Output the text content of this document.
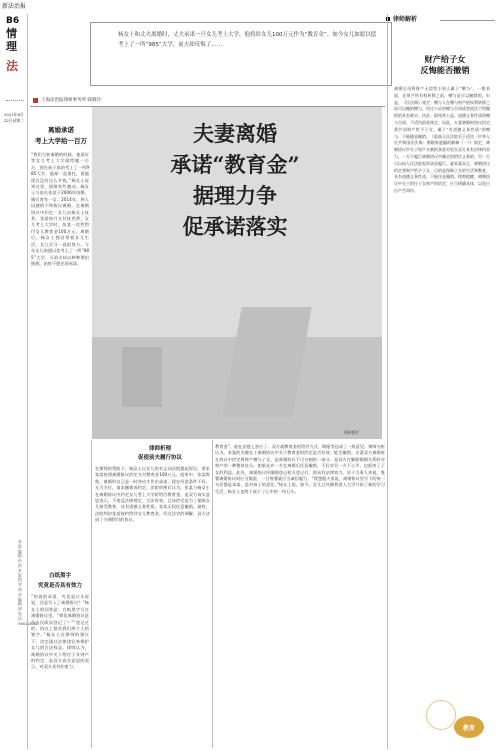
新法治报
B6
情理
法
2021年6月22日星期二
本版编辑：孙冉 本版校对：胡冰 编辑部电话：56612890
杨女士和丈夫离婚时，丈夫承诺一旦女儿考上大学，他将给女儿100万元作为“教育金”。如今女儿如愿以偿考上了一所“985”大学，前夫却反悔了……
律师解析
财产给子女
反悔能否撤销
离婚后再将财产无偿给予别人属于“赠与”，一般来说，在财产所有权转移之前，赠与是可以撤销的。但是，《民法典》规定：赠与人在赠与财产的权利转移之前可以撤销赠与。经过公证的赠与合同或者依法不得撤销的具有救灾、扶贫、助残等公益、道德义务性质的赠与合同，不适用前款规定。因此，夫妻离婚时协议约定将共同财产给予子女，属于“有道德义务性质”的赠与，不能随意撤销。《最高人民法院关于适用〈中华人民共和国民法典〉婚姻家庭编的解释（一）》规定，离婚协议中关于财产分割的条款对男女双方具有法律约束力。一方不履行离婚协议中确定的给付义务的，另一方可以向人民法院起诉请求履行。就本案而言，离婚协议约定将财产给予子女，目的是保障子女的生活和教育，具有道德义务性质，不能任意撤销。律师提醒，离婚协议中关于给付子女财产的约定，应当明确具体，以免日后产生纠纷。
教育
上海法治报律师事务所 韩晓玲
夫妻离婚
承诺“教育金”
据理力争
促承诺落实
资料图片
离婚承诺
考上大学给一百万
“我们当初离婚的时候，他说好等女儿考上大学就给她一百万，现在孩子真的考上了一所985大学，他却一直推托，说他现在没有这么多钱。”杨女士说到这里，情绪有些激动。杨女士与前夫张某于2006年结婚，婚后育有一女。2014年，两人因感情不和协议离婚，在离婚协议中约定：女儿由杨女士抚养，张某每月支付抚养费，女儿考上大学时，张某一次性给付女儿教育金100万元。离婚后，杨女士独自带着女儿生活，女儿学习一直很努力。今年女儿如愿以偿考上了一所“985”大学，可前夫却以种种理由推脱，始终不愿兑现承诺。
白纸黑字
究竟是否具有效力
“你说的承诺，究竟是口头说说，还是写入了离婚协议？”杨女士的回答是：白纸黑字写在离婚协议里。“那张离婚协议是否去民政局登记了？”“登记过的，协议上都有我们两个人的签字。”杨女士在律师的建议下，决定通过法律途径来维护女儿的合法权益。律师认为，离婚协议中关于给付子女财产的约定，是双方真实意思的表示，对双方具有约束力。
律师析理
促使前夫履行协议
在律师的帮助下，杨女士以女儿的名义向法院提起诉讼，要求张某按照离婚协议约定支付教育金100万元。庭审中，张某辩称，离婚时自己是一时冲动才作出承诺，现在经济条件不好，无力支付，请求撤销该约定。法院审理后认为，张某与杨女士在离婚协议中约定女儿考上大学时给付教育金，是双方真实意思表示，不违反法律规定，合法有效，且该约定是为了保障女儿接受教育，具有道德义务性质，张某无权任意撤销。最终，法院判决张某按约给付女儿教育金。经过法官的调解，双方达成了分期给付的协议。
教育金”，他在法庭上答应了。双方就教育金的给付方式、期限等达成了一致意见。律师分析认为，本案的关键在于离婚协议中关于教育金的约定是否有效、能否撤销。夫妻双方离婚时在协议中约定将财产赠与子女，是离婚协议不可分割的一部分，是双方在解除婚姻关系时对财产的一种整体处分。如果允许一方在离婚后任意撤销，不仅对另一方不公平，也损害了子女的利益。此外，离婚协议经婚姻登记机关登记后，即具有法律效力。对于当事人来说，签署离婚协议时应当慎重，一旦签署就应当诚信履行。“我想跟大家说，离婚协议里写下的每一句话都是承诺，是对孩子的责任。”杨女士说。如今，女儿已经顺利进入大学开始了新的学习生活，杨女士也终于放下了心中的一块石头。
